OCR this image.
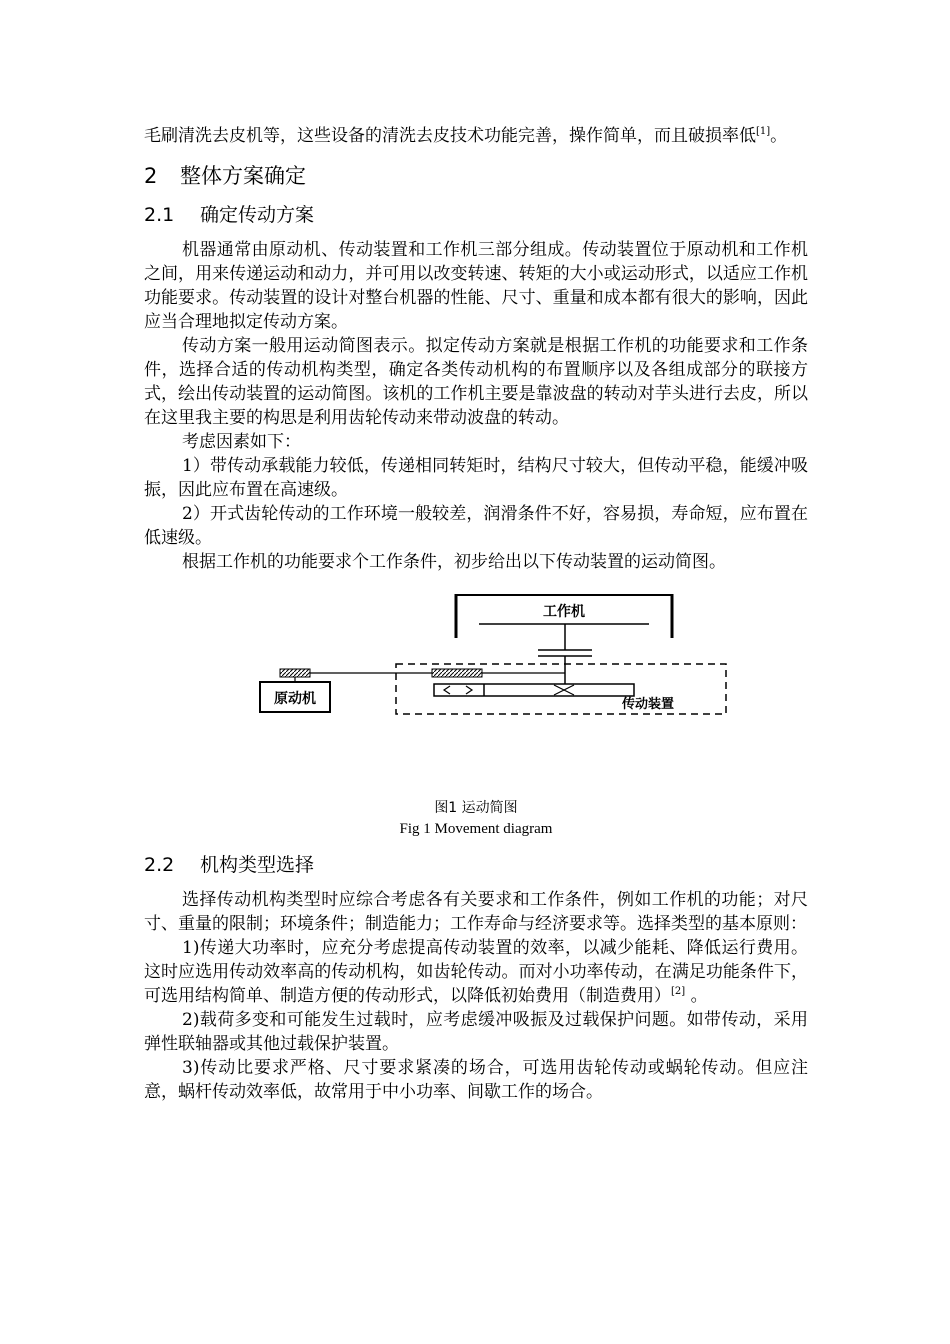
毛刷清洗去皮机等，这些设备的清洗去皮技术功能完善，操作简单，而且破损率低[1]。

2 整体方案确定
2.1 确定传动方案

机器通常由原动机、传动装置和工作机三部分组成。传动装置位于原动机和工作机之间，用来传递运动和动力，并可用以改变转速、转矩的大小或运动形式，以适应工作机功能要求。传动装置的设计对整台机器的性能、尺寸、重量和成本都有很大的影响，因此应当合理地拟定传动方案。

传动方案一般用运动简图表示。拟定传动方案就是根据工作机的功能要求和工作条件，选择合适的传动机构类型，确定各类传动机构的布置顺序以及各组成部分的联接方式，绘出传动装置的运动简图。该机的工作机主要是靠波盘的转动对芋头进行去皮，所以在这里我主要的构思是利用齿轮传动来带动波盘的转动。

考虑因素如下：

1）带传动承载能力较低，传递相同转矩时，结构尺寸较大，但传动平稳，能缓冲吸振，因此应布置在高速级。

2）开式齿轮传动的工作环境一般较差，润滑条件不好，容易损，寿命短，应布置在低速级。

根据工作机的功能要求个工作条件，初步给出以下传动装置的运动简图。

工作机
传动装置
原动机
图1 运动简图
Fig 1 Movement diagram
2.2 机构类型选择

选择传动机构类型时应综合考虑各有关要求和工作条件，例如工作机的功能；对尺寸、重量的限制；环境条件；制造能力；工作寿命与经济要求等。选择类型的基本原则：

1)传递大功率时，应充分考虑提高传动装置的效率，以减少能耗、降低运行费用。这时应选用传动效率高的传动机构，如齿轮传动。而对小功率传动，在满足功能条件下，可选用结构简单、制造方便的传动形式，以降低初始费用（制造费用）[2] 。

2)载荷多变和可能发生过载时，应考虑缓冲吸振及过载保护问题。如带传动，采用弹性联轴器或其他过载保护装置。

3)传动比要求严格、尺寸要求紧凑的场合，可选用齿轮传动或蜗轮传动。但应注意，蜗杆传动效率低，故常用于中小功率、间歇工作的场合。
